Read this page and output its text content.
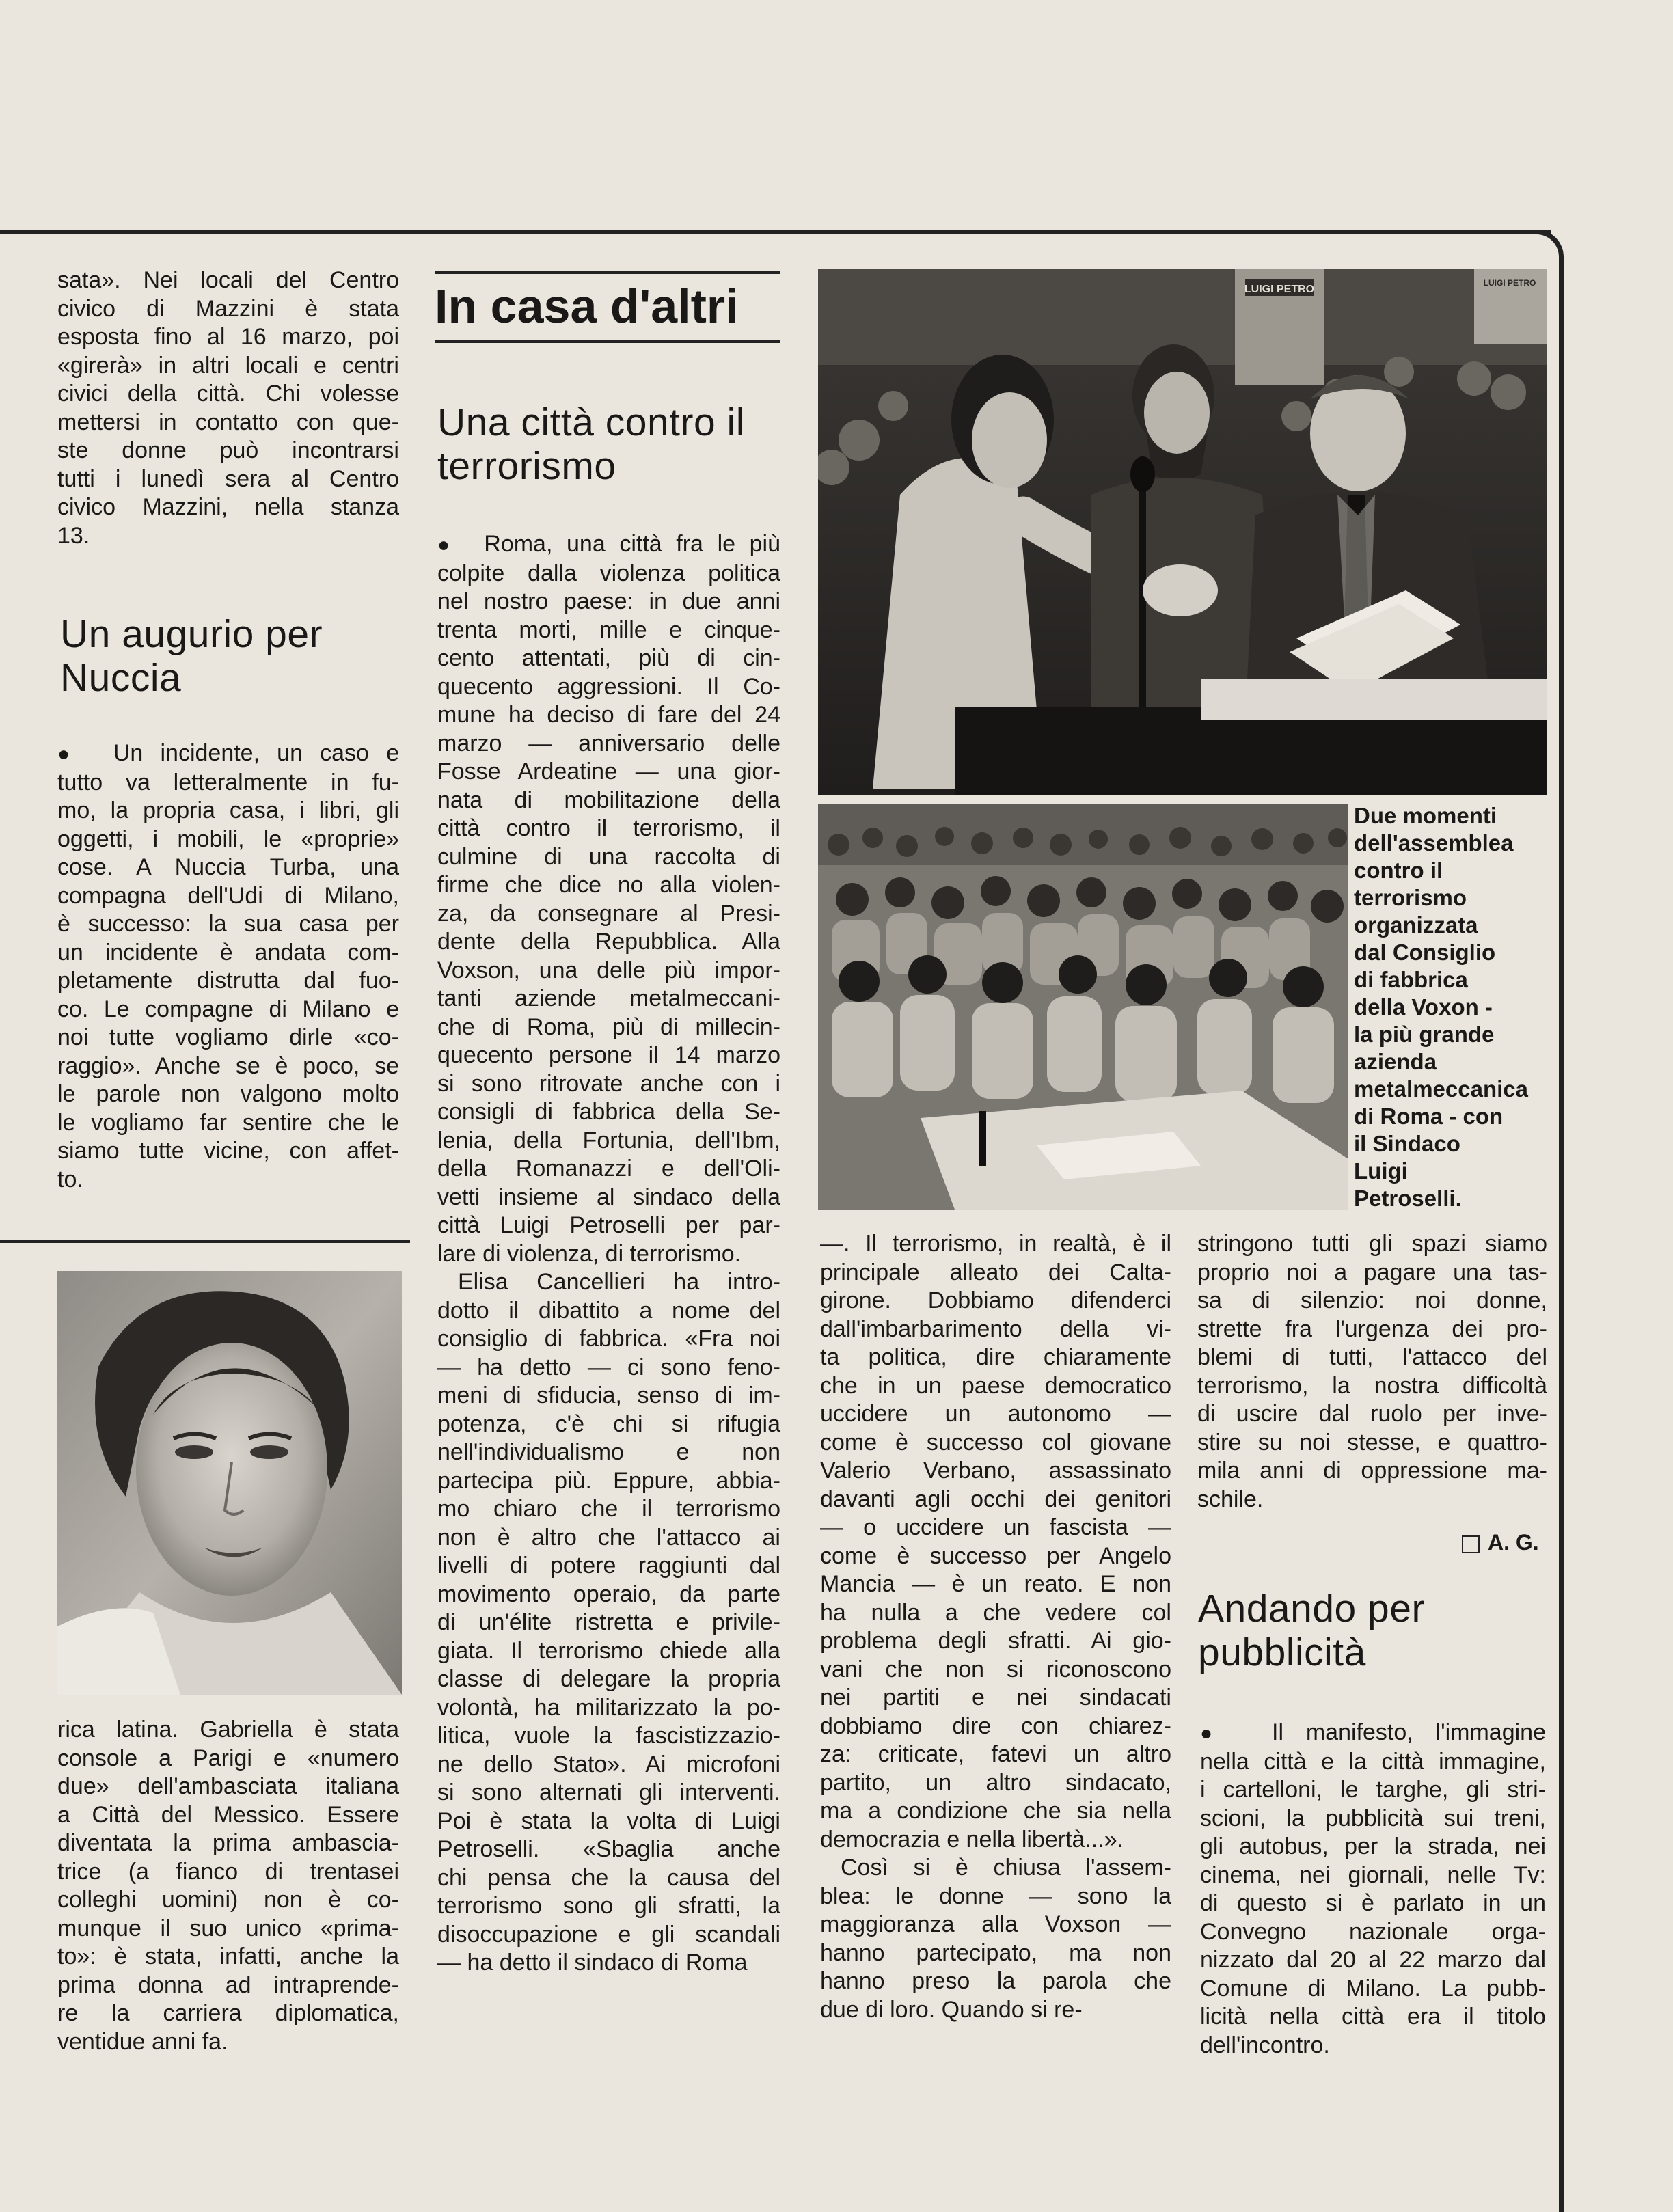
sata». Nei locali del Centro
civico di Mazzini è stata
esposta fino al 16 marzo, poi
«girerà» in altri locali e centri
civici della città. Chi volesse
mettersi in contatto con que-
ste donne può incontrarsi
tutti i lunedì sera al Centro
civico Mazzini, nella stanza
13.
Un augurio per
Nuccia
●  Un incidente, un caso e
tutto va letteralmente in fu-
mo, la propria casa, i libri, gli
oggetti, i mobili, le «proprie»
cose. A Nuccia Turba, una
compagna dell'Udi di Milano,
è successo: la sua casa per
un incidente è andata com-
pletamente distrutta dal fuo-
co. Le compagne di Milano e
noi tutte vogliamo dirle «co-
raggio». Anche se è poco, se
le parole non valgono molto
le vogliamo far sentire che le
siamo tutte vicine, con affet-
to.
rica latina. Gabriella è stata
console a Parigi e «numero
due» dell'ambasciata italiana
a Città del Messico. Essere
diventata la prima ambascia-
trice (a fianco di trentasei
colleghi uomini) non è co-
munque il suo unico «prima-
to»: è stata, infatti, anche la
prima donna ad intraprende-
re la carriera diplomatica,
ventidue anni fa.
In casa d'altri
Una città contro il
terrorismo
●  Roma, una città fra le più
colpite dalla violenza politica
nel nostro paese: in due anni
trenta morti, mille e cinque-
cento attentati, più di cin-
quecento aggressioni. Il Co-
mune ha deciso di fare del 24
marzo — anniversario delle
Fosse Ardeatine — una gior-
nata di mobilitazione della
città contro il terrorismo, il
culmine di una raccolta di
firme che dice no alla violen-
za, da consegnare al Presi-
dente della Repubblica. Alla
Voxson, una delle più impor-
tanti aziende metalmeccani-
che di Roma, più di millecin-
quecento persone il 14 marzo
si sono ritrovate anche con i
consigli di fabbrica della Se-
lenia, della Fortunia, dell'Ibm,
della Romanazzi e dell'Oli-
vetti insieme al sindaco della
città Luigi Petroselli per par-
lare di violenza, di terrorismo.
Elisa Cancellieri ha intro-
dotto il dibattito a nome del
consiglio di fabbrica. «Fra noi
— ha detto — ci sono feno-
meni di sfiducia, senso di im-
potenza, c'è chi si rifugia
nell'individualismo e non
partecipa più. Eppure, abbia-
mo chiaro che il terrorismo
non è altro che l'attacco ai
livelli di potere raggiunti dal
movimento operaio, da parte
di un'élite ristretta e privile-
giata. Il terrorismo chiede alla
classe di delegare la propria
volontà, ha militarizzato la po-
litica, vuole la fascistizzazio-
ne dello Stato». Ai microfoni
si sono alternati gli interventi.
Poi è stata la volta di Luigi
Petroselli. «Sbaglia anche
chi pensa che la causa del
terrorismo sono gli sfratti, la
disoccupazione e gli scandali
— ha detto il sindaco di Roma
LUIGI PETRO
LUIGI PETRO
Due momenti
dell'assemblea
contro il
terrorismo
organizzata
dal Consiglio
di fabbrica
della Voxon -
la più grande
azienda
metalmeccanica
di Roma - con
il Sindaco
Luigi
Petroselli.
—. Il terrorismo, in realtà, è il
principale alleato dei Calta-
girone. Dobbiamo difenderci
dall'imbarbarimento della vi-
ta politica, dire chiaramente
che in un paese democratico
uccidere un autonomo —
come è successo col giovane
Valerio Verbano, assassinato
davanti agli occhi dei genitori
— o uccidere un fascista —
come è successo per Angelo
Mancia — è un reato. E non
ha nulla a che vedere col
problema degli sfratti. Ai gio-
vani che non si riconoscono
nei partiti e nei sindacati
dobbiamo dire con chiarez-
za: criticate, fatevi un altro
partito, un altro sindacato,
ma a condizione che sia nella
democrazia e nella libertà...».
Così si è chiusa l'assem-
blea: le donne — sono la
maggioranza alla Voxson —
hanno partecipato, ma non
hanno preso la parola che
due di loro. Quando si re-
stringono tutti gli spazi siamo
proprio noi a pagare una tas-
sa di silenzio: noi donne,
strette fra l'urgenza dei pro-
blemi di tutti, l'attacco del
terrorismo, la nostra difficoltà
di uscire dal ruolo per inve-
stire su noi stesse, e quattro-
mila anni di oppressione ma-
schile.
A. G.
Andando per
pubblicità
●  Il manifesto, l'immagine
nella città e la città immagine,
i cartelloni, le targhe, gli stri-
scioni, la pubblicità sui treni,
gli autobus, per la strada, nei
cinema, nei giornali, nelle Tv:
di questo si è parlato in un
Convegno nazionale orga-
nizzato dal 20 al 22 marzo dal
Comune di Milano. La pubb-
licità nella città era il titolo
dell'incontro.
